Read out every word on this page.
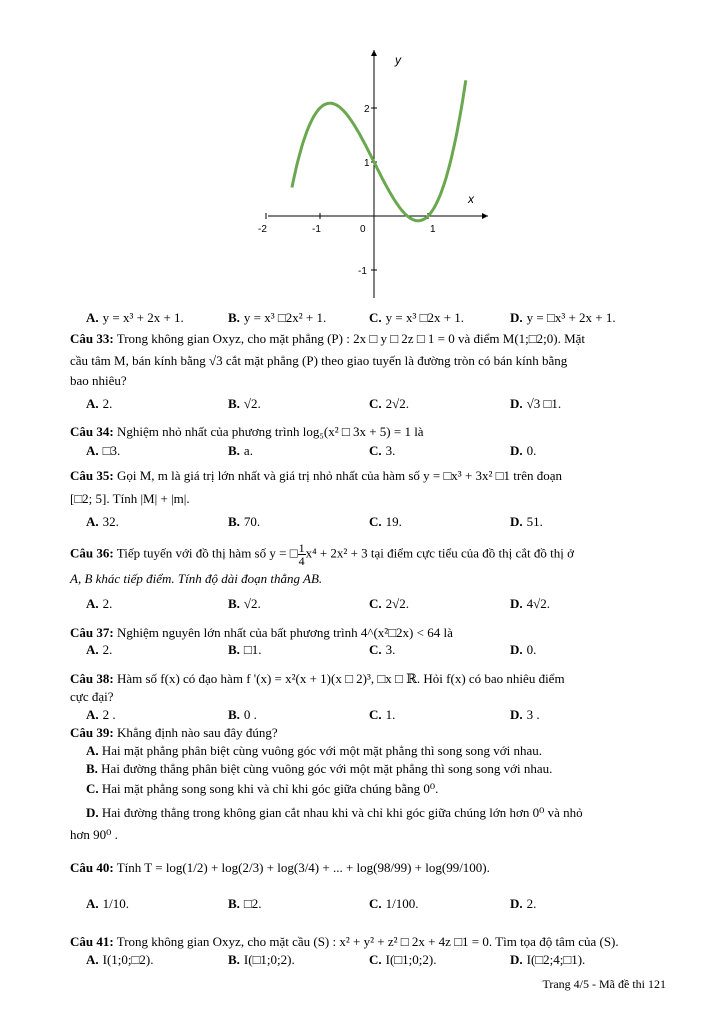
x
y
-2	-1	0	1
2
1
-1
A. y = x³ + 2x + 1.	B. y = x³ □2x² + 1.	C. y = x³ □2x + 1.	D. y = □x³ + 2x + 1.
Câu 33: Trong không gian Oxyz, cho mặt phẳng (P) : 2x □ y □ 2z □ 1 = 0 và điểm M(1;□2;0). Mặt
cầu tâm M, bán kính bằng √3 cắt mặt phẳng (P) theo giao tuyến là đường tròn có bán kính bằng
bao nhiêu?
A. 2.	B. √2.	C. 2√2.	D. √3 □1.
Câu 34: Nghiệm nhỏ nhất của phương trình log₅(x² □ 3x + 5) = 1 là
A. □3.	B. a.	C. 3.	D. 0.
Câu 35: Gọi M, m là giá trị lớn nhất và giá trị nhỏ nhất của hàm số y = □x³ + 3x² □1 trên đoạn
[□2; 5]. Tính |M| + |m|.
A. 32.	B. 70.	C. 19.	D. 51.
Câu 36: Tiếp tuyến với đồ thị hàm số y = □ $\frac{1}{4} x^4 + 2x^2 + 3$ tại điểm cực tiểu của đồ thị cắt đồ thị ở
A, B khác tiếp điểm. Tính độ dài đoạn thẳng AB.
A. 2.	B. √2.	C. 2√2.	D. 4√2.
Câu 37: Nghiệm nguyên lớn nhất của bất phương trình 4^(x²□2x) < 64 là
A. 2.	B. □1.	C. 3.	D. 0.
Câu 38: Hàm số f(x) có đạo hàm f '(x) = x²(x + 1)(x □ 2)³, □x □ ℝ. Hỏi f(x) có bao nhiêu điểm
cực đại?
A. 2 .	B. 0 .	C. 1.	D. 3 .
Câu 39: Khẳng định nào sau đây đúng?
A. Hai mặt phẳng phân biệt cùng vuông góc với một mặt phẳng thì song song với nhau.
B. Hai đường thẳng phân biệt cùng vuông góc với một mặt phẳng thì song song với nhau.
C. Hai mặt phẳng song song khi và chỉ khi góc giữa chúng bằng 0⁰.
D. Hai đường thẳng trong không gian cắt nhau khi và chỉ khi góc giữa chúng lớn hơn 0⁰ và nhỏ
hơn 90⁰ .
Câu 40: Tính T = log(1/2) + log(2/3) + log(3/4) + ... + log(98/99) + log(99/100).
A. 1/10.	B. □2.	C. 1/100.	D. 2.
Câu 41: Trong không gian Oxyz, cho mặt cầu (S) : x² + y² + z² □ 2x + 4z □1 = 0. Tìm tọa độ tâm của (S).
A. I(1;0;□2).	B. I(□1;0;2).	C. I(□1;0;2).	D. I(□2;4;□1).
Trang 4/5 - Mã đề thi 121
